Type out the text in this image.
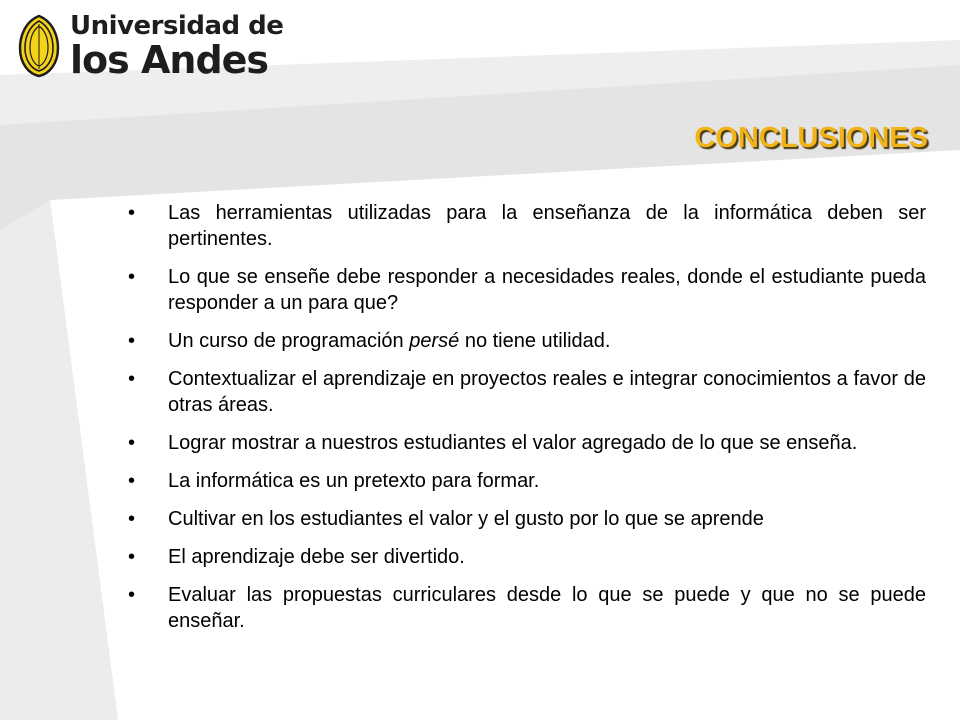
Universidad de
los Andes
CONCLUSIONES
•	Las herramientas utilizadas para la enseñanza de la informática deben ser pertinentes.
•	Lo que se enseñe debe responder a necesidades reales, donde el estudiante pueda responder a un para que?
•	Un curso de programación persé no tiene utilidad.
•	Contextualizar el aprendizaje en proyectos reales e integrar conocimientos a favor de otras áreas.
•	Lograr mostrar a nuestros estudiantes el valor agregado de lo que se enseña.
•	La informática es un pretexto para formar.
•	Cultivar en los estudiantes el valor y el gusto por lo que se aprende
•	El aprendizaje debe ser divertido.
•	Evaluar las propuestas curriculares desde lo que se puede y que no se puede enseñar.
